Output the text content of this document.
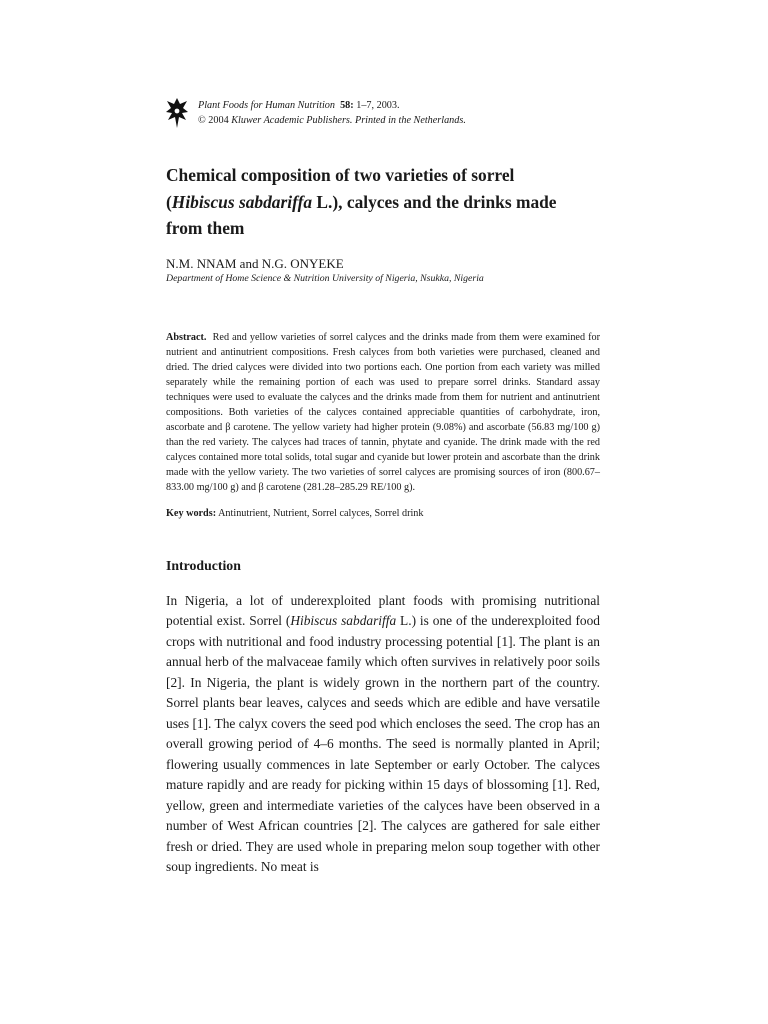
Plant Foods for Human Nutrition 58: 1–7, 2003.
© 2004 Kluwer Academic Publishers. Printed in the Netherlands.
Chemical composition of two varieties of sorrel
(Hibiscus sabdariffa L.), calyces and the drinks made
from them
N.M. NNAM and N.G. ONYEKE
Department of Home Science & Nutrition University of Nigeria, Nsukka, Nigeria
Abstract. Red and yellow varieties of sorrel calyces and the drinks made from them were examined for nutrient and antinutrient compositions. Fresh calyces from both varieties were purchased, cleaned and dried. The dried calyces were divided into two portions each. One portion from each variety was milled separately while the remaining portion of each was used to prepare sorrel drinks. Standard assay techniques were used to evaluate the calyces and the drinks made from them for nutrient and antinutrient compositions. Both varieties of the calyces contained appreciable quantities of carbohydrate, iron, ascorbate and β carotene. The yellow variety had higher protein (9.08%) and ascorbate (56.83 mg/100 g) than the red variety. The calyces had traces of tannin, phytate and cyanide. The drink made with the red calyces contained more total solids, total sugar and cyanide but lower protein and ascorbate than the drink made with the yellow variety. The two varieties of sorrel calyces are promising sources of iron (800.67–833.00 mg/100 g) and β carotene (281.28–285.29 RE/100 g).
Key words: Antinutrient, Nutrient, Sorrel calyces, Sorrel drink
Introduction
In Nigeria, a lot of underexploited plant foods with promising nutritional potential exist. Sorrel (Hibiscus sabdariffa L.) is one of the underexploited food crops with nutritional and food industry processing potential [1]. The plant is an annual herb of the malvaceae family which often survives in relatively poor soils [2]. In Nigeria, the plant is widely grown in the northern part of the country. Sorrel plants bear leaves, calyces and seeds which are edible and have versatile uses [1]. The calyx covers the seed pod which encloses the seed. The crop has an overall growing period of 4–6 months. The seed is normally planted in April; flowering usually commences in late September or early October. The calyces mature rapidly and are ready for picking within 15 days of blossoming [1]. Red, yellow, green and intermediate varieties of the calyces have been observed in a number of West African countries [2]. The calyces are gathered for sale either fresh or dried. They are used whole in preparing melon soup together with other soup ingredients. No meat is
